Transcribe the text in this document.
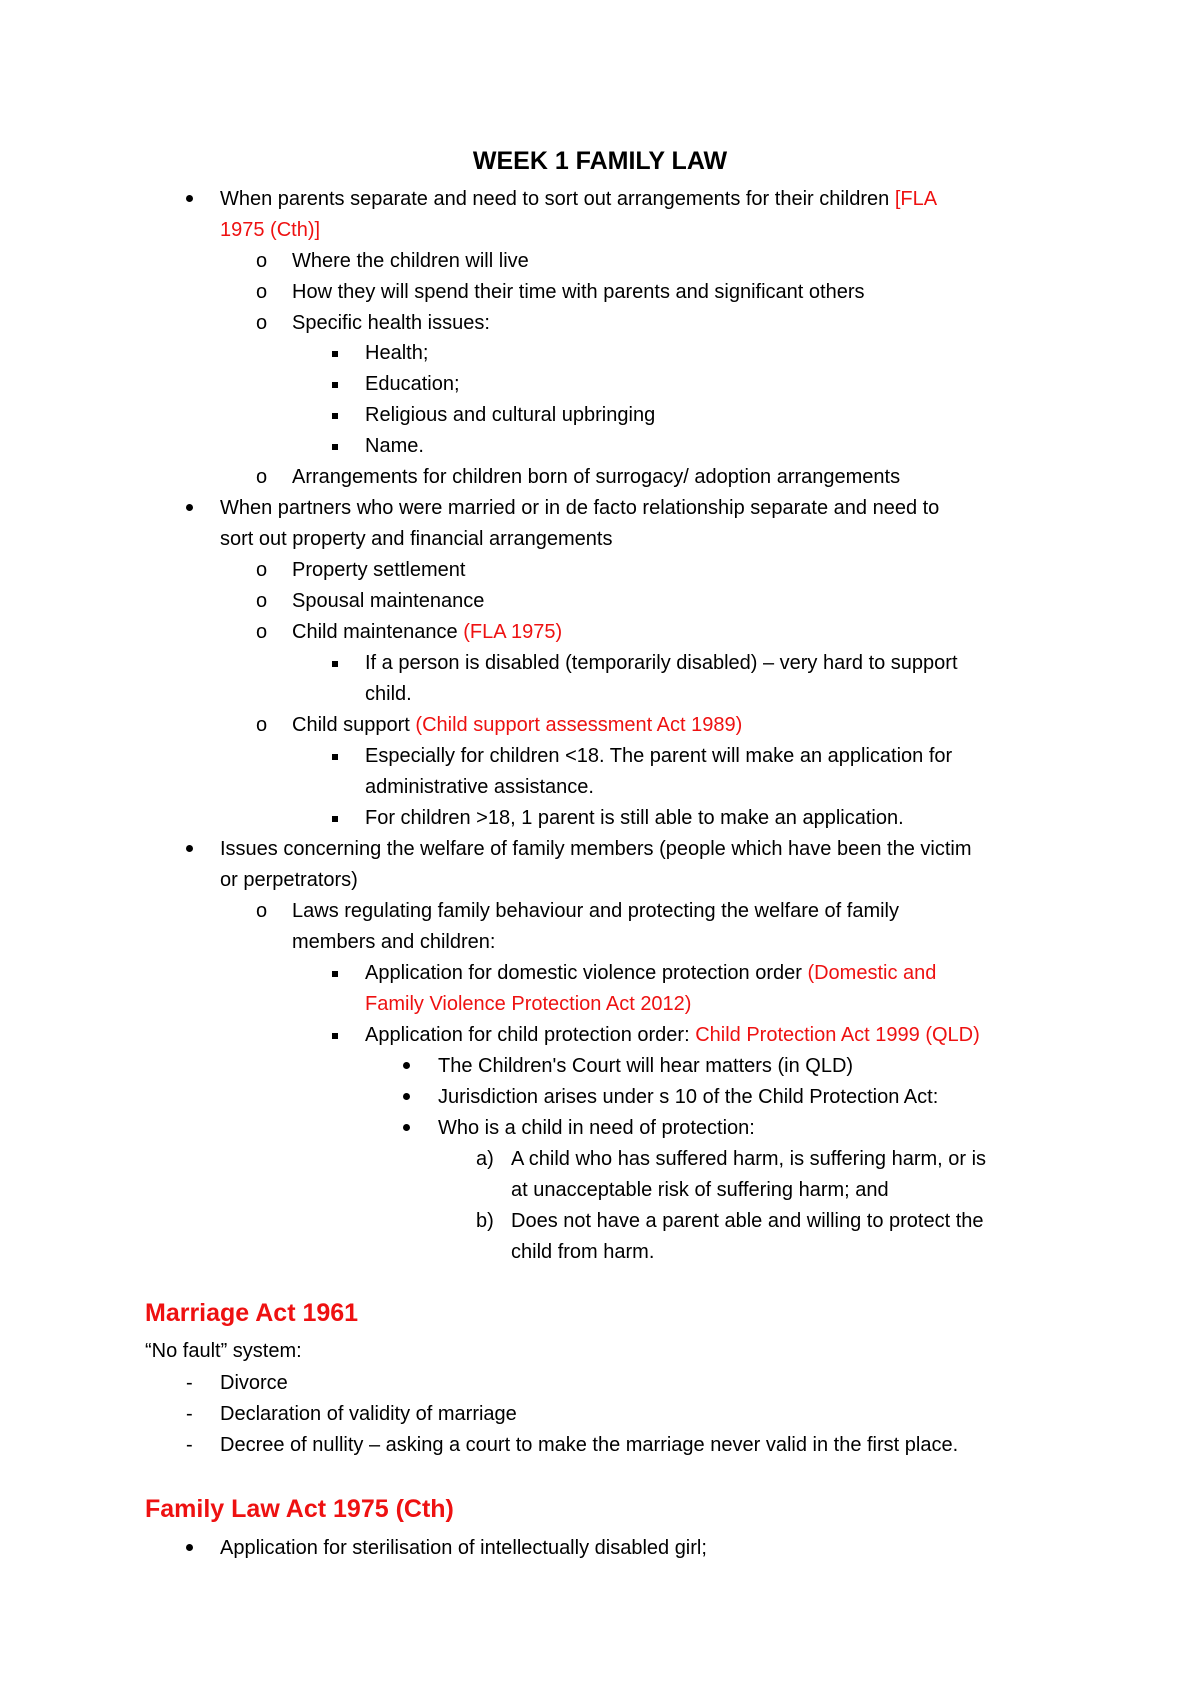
WEEK 1 FAMILY LAW
When parents separate and need to sort out arrangements for their children [FLA
1975 (Cth)]
o Where the children will live
o How they will spend their time with parents and significant others
o Specific health issues:
Health;
Education;
Religious and cultural upbringing
Name.
o Arrangements for children born of surrogacy/ adoption arrangements
When partners who were married or in de facto relationship separate and need to
sort out property and financial arrangements
o Property settlement
o Spousal maintenance
o Child maintenance (FLA 1975)
If a person is disabled (temporarily disabled) – very hard to support
child.
o Child support (Child support assessment Act 1989)
Especially for children <18. The parent will make an application for
administrative assistance.
For children >18, 1 parent is still able to make an application.
Issues concerning the welfare of family members (people which have been the victim
or perpetrators)
o Laws regulating family behaviour and protecting the welfare of family
members and children:
Application for domestic violence protection order (Domestic and
Family Violence Protection Act 2012)
Application for child protection order: Child Protection Act 1999 (QLD)
The Children's Court will hear matters (in QLD)
Jurisdiction arises under s 10 of the Child Protection Act:
Who is a child in need of protection:
a) A child who has suffered harm, is suffering harm, or is
at unacceptable risk of suffering harm; and
b) Does not have a parent able and willing to protect the
child from harm.
Marriage Act 1961
“No fault” system:
- Divorce
- Declaration of validity of marriage
- Decree of nullity – asking a court to make the marriage never valid in the first place.
Family Law Act 1975 (Cth)
Application for sterilisation of intellectually disabled girl;
